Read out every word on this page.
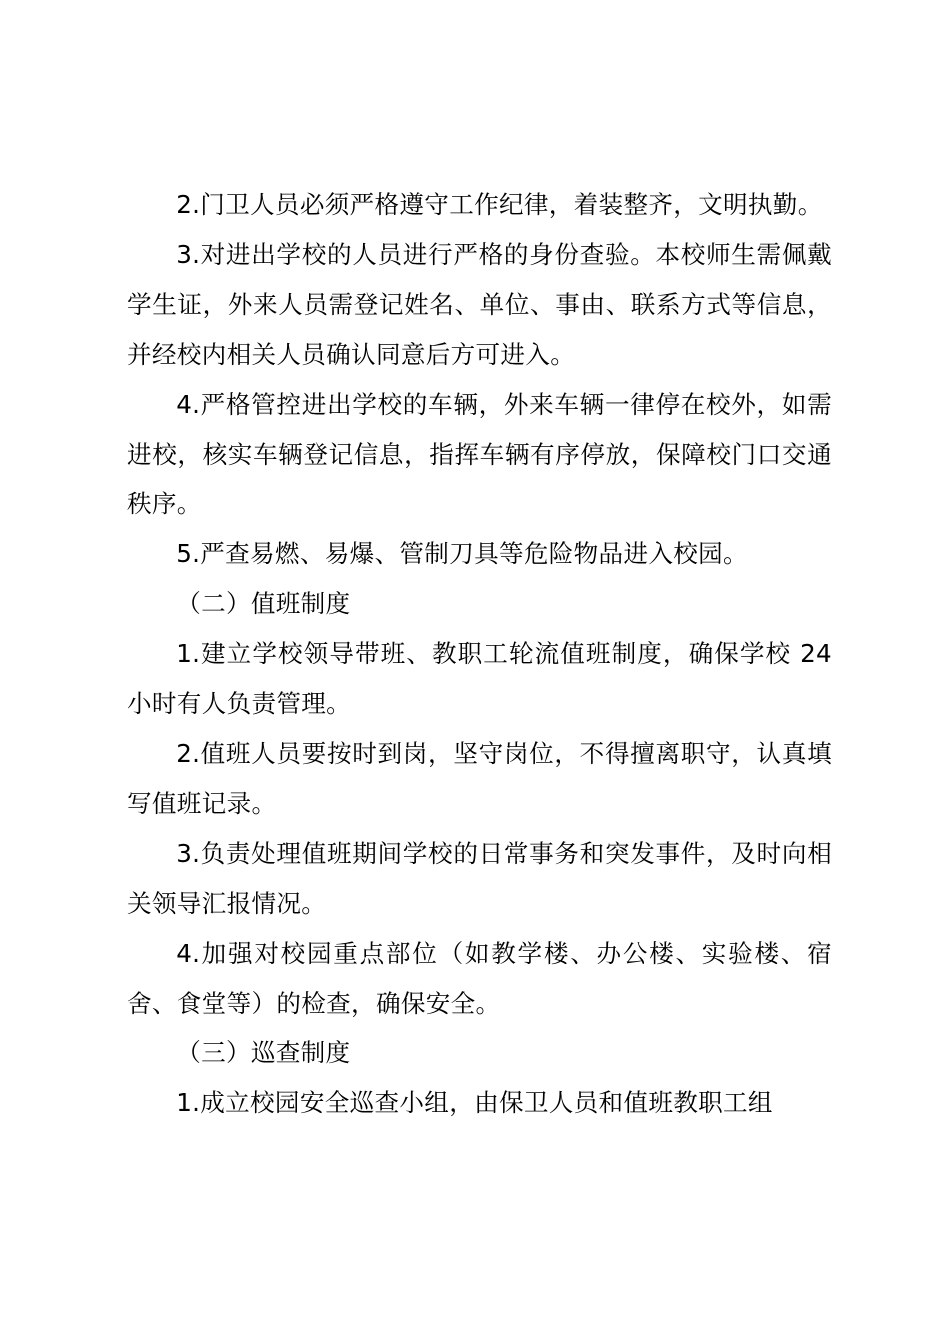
2.门卫人员必须严格遵守工作纪律，着装整齐，文明执勤。

3.对进出学校的人员进行严格的身份查验。本校师生需佩戴学生证，外来人员需登记姓名、单位、事由、联系方式等信息，并经校内相关人员确认同意后方可进入。

4.严格管控进出学校的车辆，外来车辆一律停在校外，如需进校，核实车辆登记信息，指挥车辆有序停放，保障校门口交通秩序。

5.严查易燃、易爆、管制刀具等危险物品进入校园。

（二）值班制度

1.建立学校领导带班、教职工轮流值班制度，确保学校 24 小时有人负责管理。

2.值班人员要按时到岗，坚守岗位，不得擅离职守，认真填写值班记录。

3.负责处理值班期间学校的日常事务和突发事件，及时向相关领导汇报情况。

4.加强对校园重点部位（如教学楼、办公楼、实验楼、宿舍、食堂等）的检查，确保安全。

（三）巡查制度

1.成立校园安全巡查小组，由保卫人员和值班教职工组
